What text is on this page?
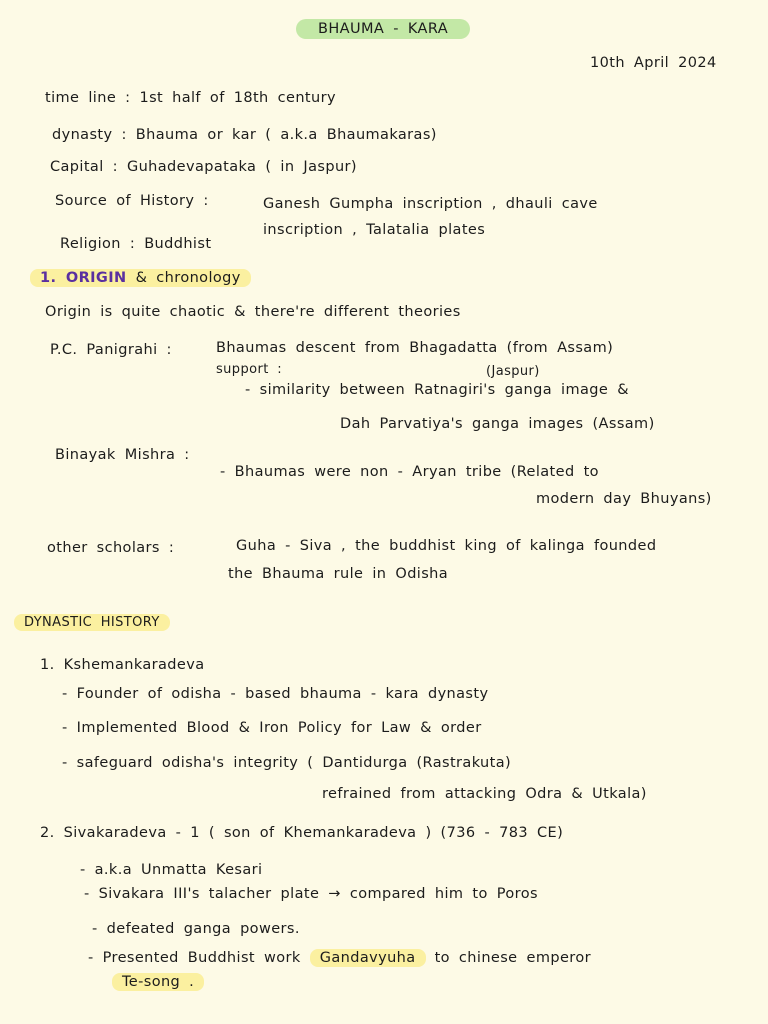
BHAUMA - KARA
10th April 2024
time line : 1st half of 18th century
dynasty : Bhauma or kar ( a.k.a Bhaumakaras)
Capital : Guhadevapataka ( in Jaspur)
Source of History :	Ganesh Gumpha inscription , dhauli cave
inscription , Talatalia plates
Religion : Buddhist
1. ORIGIN & chronology
Origin is quite chaotic & there're different theories
P.C. Panigrahi :	Bhaumas descent from Bhagadatta (from Assam)
support :	(Jaspur)
- similarity between Ratnagiri's ganga image &
Dah Parvatiya's ganga images (Assam)
Binayak Mishra :
- Bhaumas were non - Aryan tribe (Related to
modern day Bhuyans)
other scholars :	Guha - Siva , the buddhist king of kalinga founded
the Bhauma rule in Odisha
DYNASTIC HISTORY
1. Kshemankaradeva
- Founder of odisha - based bhauma - kara dynasty
- Implemented Blood & Iron Policy for Law & order
- safeguard odisha's integrity ( Dantidurga (Rastrakuta)
refrained from attacking Odra & Utkala)
2. Sivakaradeva - 1 ( son of Khemankaradeva ) (736 - 783 CE)
- a.k.a Unmatta Kesari
- Sivakara III's talacher plate → compared him to Poros
- defeated ganga powers.
- Presented Buddhist work Gandavyuha to chinese emperor
Te-song .
